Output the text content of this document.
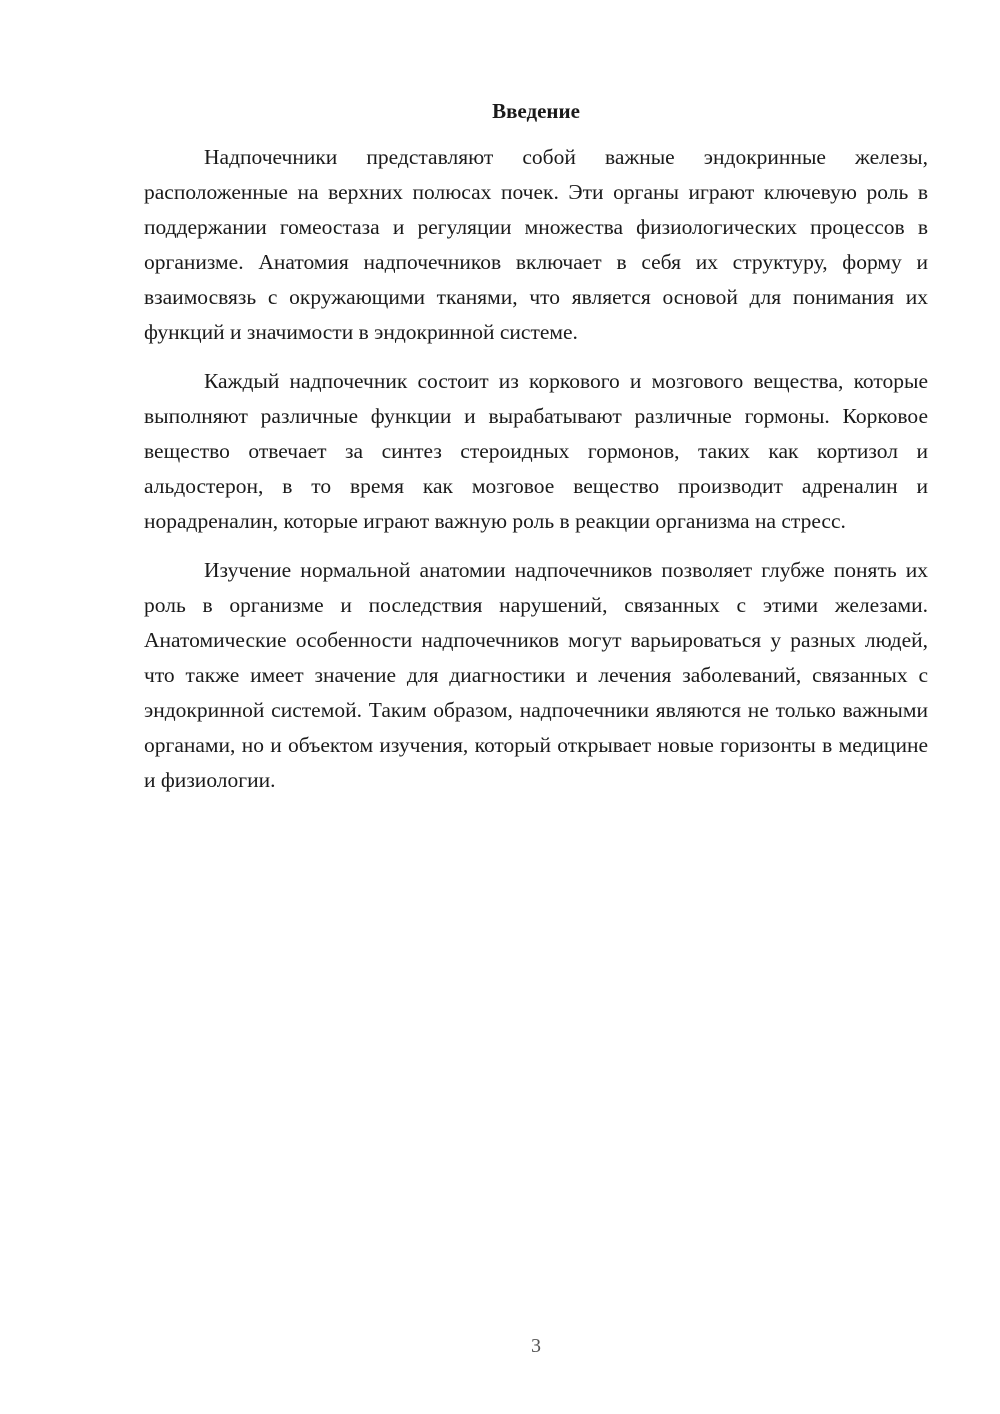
Введение

Надпочечники представляют собой важные эндокринные железы, расположенные на верхних полюсах почек. Эти органы играют ключевую роль в поддержании гомеостаза и регуляции множества физиологических процессов в организме. Анатомия надпочечников включает в себя их структуру, форму и взаимосвязь с окружающими тканями, что является основой для понимания их функций и значимости в эндокринной системе.

Каждый надпочечник состоит из коркового и мозгового вещества, которые выполняют различные функции и вырабатывают различные гормоны. Корковое вещество отвечает за синтез стероидных гормонов, таких как кортизол и альдостерон, в то время как мозговое вещество производит адреналин и норадреналин, которые играют важную роль в реакции организма на стресс.

Изучение нормальной анатомии надпочечников позволяет глубже понять их роль в организме и последствия нарушений, связанных с этими железами. Анатомические особенности надпочечников могут варьироваться у разных людей, что также имеет значение для диагностики и лечения заболеваний, связанных с эндокринной системой. Таким образом, надпочечники являются не только важными органами, но и объектом изучения, который открывает новые горизонты в медицине и физиологии.

3
